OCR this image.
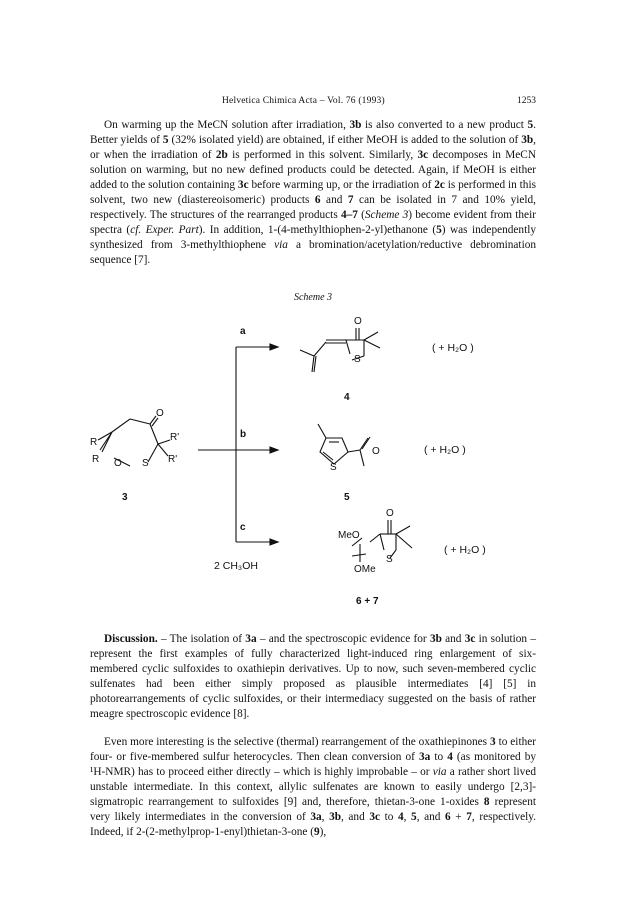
Helvetica Chimica Acta – Vol. 76 (1993)	1253

On warming up the MeCN solution after irradiation, 3b is also converted to a new product 5. Better yields of 5 (32% isolated yield) are obtained, if either MeOH is added to the solution of 3b, or when the irradiation of 2b is performed in this solvent. Similarly, 3c decomposes in MeCN solution on warming, but no new defined products could be detected. Again, if MeOH is either added to the solution containing 3c before warming up, or the irradiation of 2c is performed in this solvent, two new (diastereoisomeric) products 6 and 7 can be isolated in 7 and 10% yield, respectively. The structures of the rearranged products 4–7 (Scheme 3) become evident from their spectra (cf. Exper. Part). In addition, 1-(4-methylthiophen-2-yl)ethanone (5) was independently synthesized from 3-methylthiophene via a bromination/acetylation/reductive debromination sequence [7].

Scheme 3
a
b
c
2 CH₃OH
R
R
R'
R'
O S
O
3
O
S
( + H₂O )
4
S
O	( + H₂O )
5
O
S
MeO
OMe
( + H₂O )
6 + 7

Discussion. – The isolation of 3a – and the spectroscopic evidence for 3b and 3c in solution – represent the first examples of fully characterized light-induced ring enlargement of six-membered cyclic sulfoxides to oxathiepin derivatives. Up to now, such seven-membered cyclic sulfenates had been either simply proposed as plausible intermediates [4] [5] in photorearrangements of cyclic sulfoxides, or their intermediacy suggested on the basis of rather meagre spectroscopic evidence [8].

Even more interesting is the selective (thermal) rearrangement of the oxathiepinones 3 to either four- or five-membered sulfur heterocycles. Then clean conversion of 3a to 4 (as monitored by ¹H-NMR) has to proceed either directly – which is highly improbable – or via a rather short lived unstable intermediate. In this context, allylic sulfenates are known to easily undergo [2,3]-sigmatropic rearrangement to sulfoxides [9] and, therefore, thietan-3-one 1-oxides 8 represent very likely intermediates in the conversion of 3a, 3b, and 3c to 4, 5, and 6 + 7, respectively. Indeed, if 2-(2-methylprop-1-enyl)thietan-3-one (9),
